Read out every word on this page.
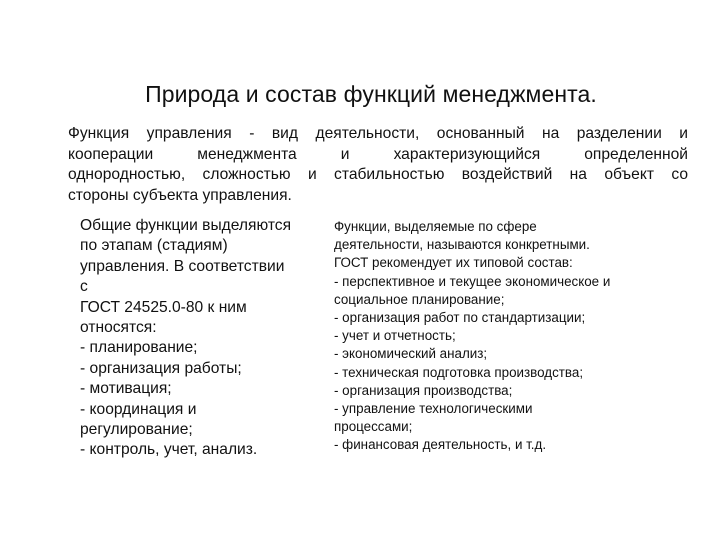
Природа и состав функций менеджмента.
Функция управления - вид деятельности, основанный на разделении и
кооперации менеджмента и характеризующийся определенной
однородностью, сложностью и стабильностью воздействий на объект со
стороны субъекта управления.
Общие функции выделяются
по этапам (стадиям)
управления. В соответствии
с
ГОСТ 24525.0-80 к ним
относятся:
- планирование;
- организация работы;
- мотивация;
- координация и
регулирование;
- контроль, учет, анализ.
Функции, выделяемые по сфере
деятельности, называются конкретными.
ГОСТ рекомендует их типовой состав:
- перспективное и текущее экономическое и
социальное планирование;
- организация работ по стандартизации;
- учет и отчетность;
- экономический анализ;
- техническая подготовка производства;
- организация производства;
- управление технологическими
процессами;
- финансовая деятельность, и т.д.
